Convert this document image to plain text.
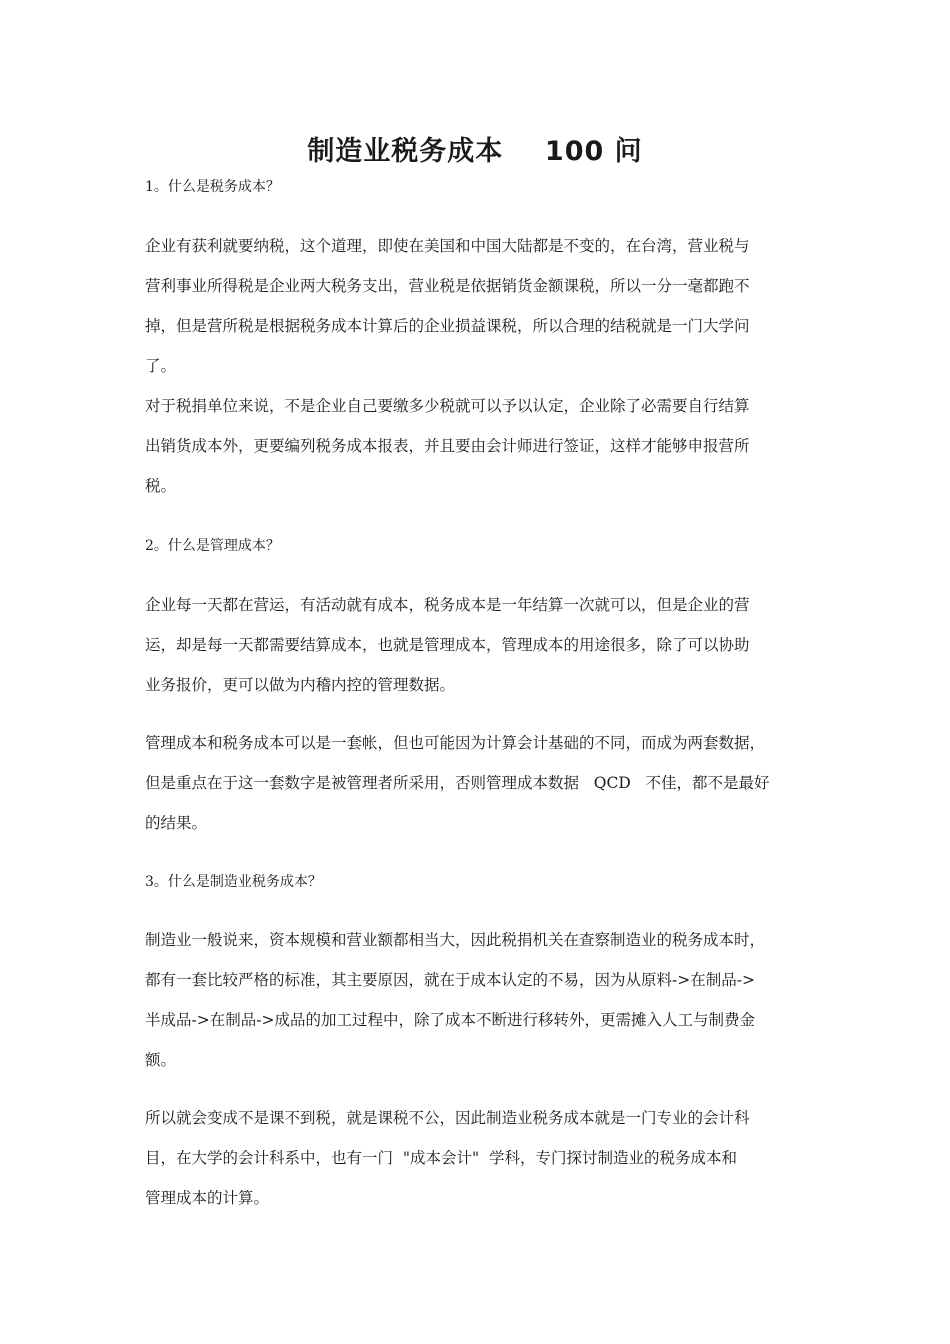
制造业税务成本    100 问
1。什么是税务成本？
企业有获利就要纳税，这个道理，即使在美国和中国大陆都是不变的，在台湾，营业税与
营利事业所得税是企业两大税务支出，营业税是依据销货金额课税，所以一分一毫都跑不
掉，但是营所税是根据税务成本计算后的企业损益课税，所以合理的结税就是一门大学问
了。
对于税捐单位来说，不是企业自己要缴多少税就可以予以认定，企业除了必需要自行结算
出销货成本外，更要编列税务成本报表，并且要由会计师进行签证，这样才能够申报营所
税。
2。什么是管理成本？
企业每一天都在营运，有活动就有成本，税务成本是一年结算一次就可以，但是企业的营
运，却是每一天都需要结算成本，也就是管理成本，管理成本的用途很多，除了可以协助
业务报价，更可以做为内稽内控的管理数据。
管理成本和税务成本可以是一套帐，但也可能因为计算会计基础的不同，而成为两套数据，
但是重点在于这一套数字是被管理者所采用，否则管理成本数据   QCD   不佳，都不是最好
的结果。
3。什么是制造业税务成本？
制造业一般说来，资本规模和营业额都相当大，因此税捐机关在查察制造业的税务成本时，
都有一套比较严格的标准，其主要原因，就在于成本认定的不易，因为从原料->在制品->
半成品->在制品->成品的加工过程中，除了成本不断进行移转外，更需摊入人工与制费金
额。
所以就会变成不是课不到税，就是课税不公，因此制造业税务成本就是一门专业的会计科
目，在大学的会计科系中，也有一门  "成本会计"  学科，专门探讨制造业的税务成本和
管理成本的计算。
